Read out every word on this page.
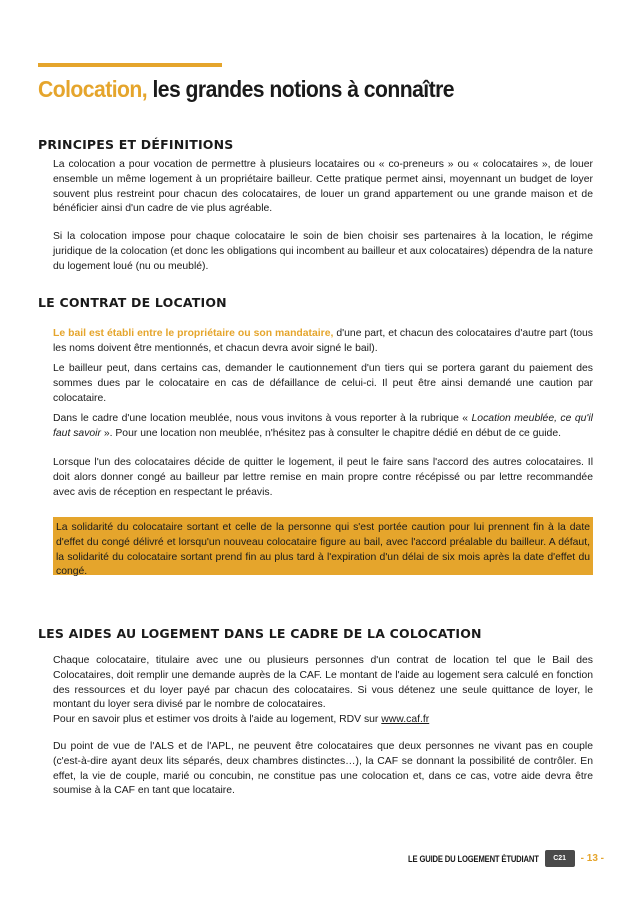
Colocation, les grandes notions à connaître
PRINCIPES ET DÉFINITIONS

La colocation a pour vocation de permettre à plusieurs locataires ou « co-preneurs » ou « colocataires », de louer ensemble un même logement à un propriétaire bailleur. Cette pratique permet ainsi, moyennant un budget de loyer souvent plus restreint pour chacun des colocataires, de louer un grand appartement ou une grande maison et de bénéficier ainsi d'un cadre de vie plus agréable.

Si la colocation impose pour chaque colocataire le soin de bien choisir ses partenaires à la location, le régime juridique de la colocation (et donc les obligations qui incombent au bailleur et aux colocataires) dépendra de la nature du logement loué (nu ou meublé).

LE CONTRAT DE LOCATION

Le bail est établi entre le propriétaire ou son mandataire, d'une part, et chacun des colocataires d'autre part (tous les noms doivent être mentionnés, et chacun devra avoir signé le bail).

Le bailleur peut, dans certains cas, demander le cautionnement d'un tiers qui se portera garant du paiement des sommes dues par le colocataire en cas de défaillance de celui-ci. Il peut être ainsi demandé une caution par colocataire.

Dans le cadre d'une location meublée, nous vous invitons à vous reporter à la rubrique « Location meublée, ce qu'il faut savoir ». Pour une location non meublée, n'hésitez pas à consulter le chapitre dédié en début de ce guide.

Lorsque l'un des colocataires décide de quitter le logement, il peut le faire sans l'accord des autres colocataires. Il doit alors donner congé au bailleur par lettre remise en main propre contre récépissé ou par lettre recommandée avec avis de réception en respectant le préavis.

La solidarité du colocataire sortant et celle de la personne qui s'est portée caution pour lui prennent fin à la date d'effet du congé délivré et lorsqu'un nouveau colocataire figure au bail, avec l'accord préalable du bailleur. A défaut, la solidarité du colocataire sortant prend fin au plus tard à l'expiration d'un délai de six mois après la date d'effet du congé.

LES AIDES AU LOGEMENT DANS LE CADRE DE LA COLOCATION

Chaque colocataire, titulaire avec une ou plusieurs personnes d'un contrat de location tel que le Bail des Colocataires, doit remplir une demande auprès de la CAF. Le montant de l'aide au logement sera calculé en fonction des ressources et du loyer payé par chacun des colocataires. Si vous détenez une seule quittance de loyer, le montant du loyer sera divisé par le nombre de colocataires.
Pour en savoir plus et estimer vos droits à l'aide au logement, RDV sur www.caf.fr

Du point de vue de l'ALS et de l'APL, ne peuvent être colocataires que deux personnes ne vivant pas en couple (c'est-à-dire ayant deux lits séparés, deux chambres distinctes…), la CAF se donnant la possibilité de contrôler. En effet, la vie de couple, marié ou concubin, ne constitue pas une colocation et, dans ce cas, votre aide devra être soumise à la CAF en tant que locataire.

LE GUIDE DU LOGEMENT ÉTUDIANT	C21	- 13 -
